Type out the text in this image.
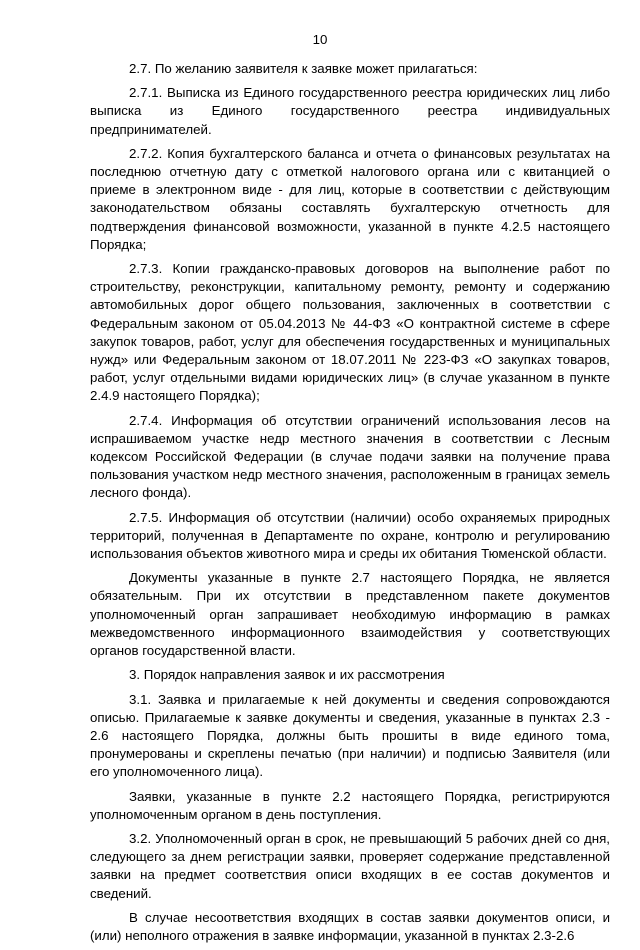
10

2.7. По желанию заявителя к заявке может прилагаться:

2.7.1. Выписка из Единого государственного реестра юридических лиц либо выписка из Единого государственного реестра индивидуальных предпринимателей.

2.7.2. Копия бухгалтерского баланса и отчета о финансовых результатах на последнюю отчетную дату с отметкой налогового органа или с квитанцией о приеме в электронном виде - для лиц, которые в соответствии с действующим законодательством обязаны составлять бухгалтерскую отчетность для подтверждения финансовой возможности, указанной в пункте 4.2.5 настоящего Порядка;

2.7.3. Копии гражданско-правовых договоров на выполнение работ по строительству, реконструкции, капитальному ремонту, ремонту и содержанию автомобильных дорог общего пользования, заключенных в соответствии с Федеральным законом от 05.04.2013 № 44-ФЗ «О контрактной системе в сфере закупок товаров, работ, услуг для обеспечения государственных и муниципальных нужд» или Федеральным законом от 18.07.2011 № 223-ФЗ «О закупках товаров, работ, услуг отдельными видами юридических лиц» (в случае указанном в пункте 2.4.9 настоящего Порядка);

2.7.4. Информация об отсутствии ограничений использования лесов на испрашиваемом участке недр местного значения в соответствии с Лесным кодексом Российской Федерации (в случае подачи заявки на получение права пользования участком недр местного значения, расположенным в границах земель лесного фонда).

2.7.5. Информация об отсутствии (наличии) особо охраняемых природных территорий, полученная в Департаменте по охране, контролю и регулированию использования объектов животного мира и среды их обитания Тюменской области.

Документы указанные в пункте 2.7 настоящего Порядка, не является обязательным. При их отсутствии в представленном пакете документов уполномоченный орган запрашивает необходимую информацию в рамках межведомственного информационного взаимодействия у соответствующих органов государственной власти.

3. Порядок направления заявок и их рассмотрения

3.1. Заявка и прилагаемые к ней документы и сведения сопровождаются описью. Прилагаемые к заявке документы и сведения, указанные в пунктах 2.3 - 2.6 настоящего Порядка, должны быть прошиты в виде единого тома, пронумерованы и скреплены печатью (при наличии) и подписью Заявителя (или его уполномоченного лица).

Заявки, указанные в пункте 2.2 настоящего Порядка, регистрируются уполномоченным органом в день поступления.

3.2. Уполномоченный орган в срок, не превышающий 5 рабочих дней со дня, следующего за днем регистрации заявки, проверяет содержание представленной заявки на предмет соответствия описи входящих в ее состав документов и сведений.

В случае несоответствия входящих в состав заявки документов описи, и (или) неполного отражения в заявке информации, указанной в пунктах 2.3-2.6
